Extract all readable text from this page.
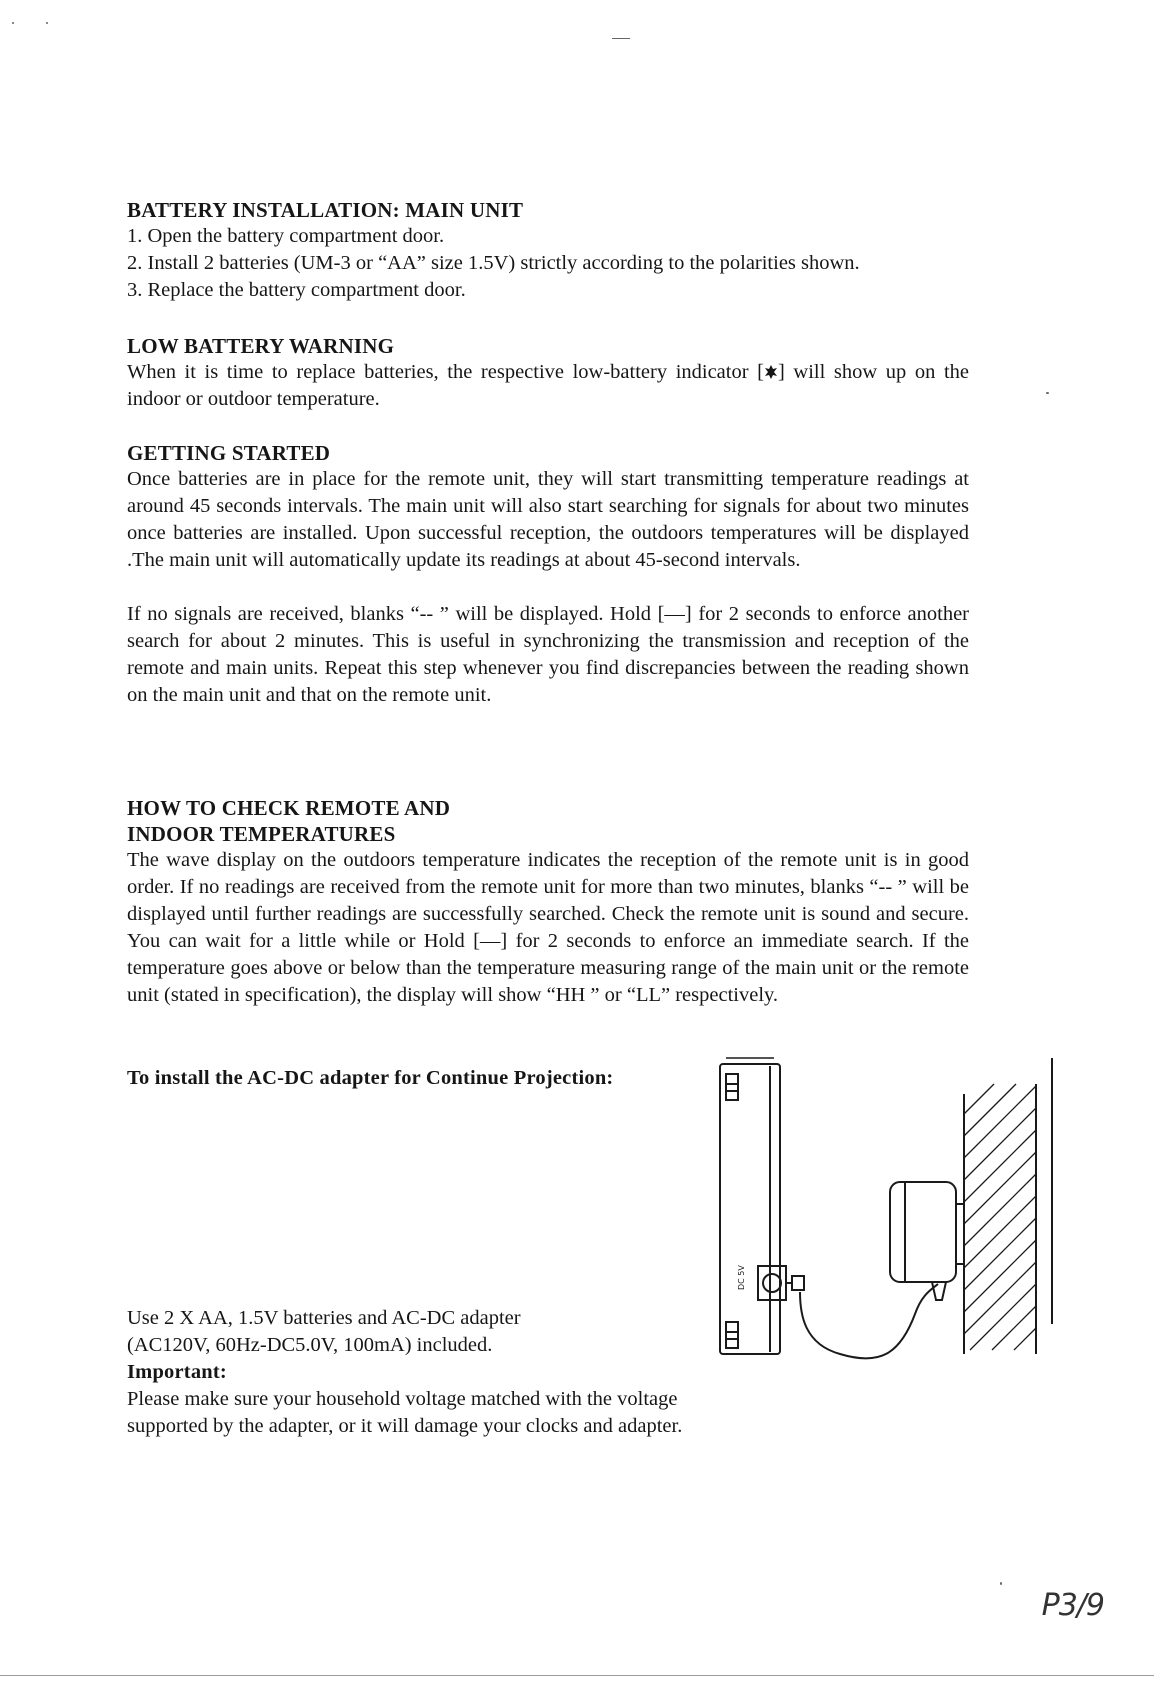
BATTERY INSTALLATION: MAIN UNIT

1. Open the battery compartment door.

2. Install 2 batteries (UM-3 or “AA” size 1.5V) strictly according to the polarities shown.

3. Replace the battery compartment door.

LOW BATTERY WARNING

When it is time to replace batteries, the respective low-battery indicator [ ] will show up on the indoor or outdoor temperature.

GETTING STARTED

Once batteries are in place for the remote unit, they will start transmitting temperature readings at around 45 seconds intervals. The main unit will also start searching for signals for about two minutes once batteries are installed. Upon successful reception, the outdoors temperatures will be displayed .The main unit will automatically update its readings at about 45-second intervals.

If no signals are received, blanks “-- ” will be displayed. Hold [—] for 2 seconds to enforce another search for about 2 minutes. This is useful in synchronizing the transmission and reception of the remote and main units. Repeat this step whenever you find discrepancies between the reading shown on the main unit and that on the remote unit.

HOW TO CHECK REMOTE AND

INDOOR TEMPERATURES

The wave display on the outdoors temperature indicates the reception of the remote unit is in good order. If no readings are received from the remote unit for more than two minutes, blanks “-- ” will be displayed until further readings are successfully searched. Check the remote unit is sound and secure. You can wait for a little while or Hold [—] for 2 seconds to enforce an immediate search. If the temperature goes above or below than the temperature measuring range of the main unit or the remote unit (stated in specification), the display will show “HH ” or “LL” respectively.

To install the AC-DC adapter for Continue Projection:

Use 2 X AA, 1.5V batteries and AC-DC adapter

(AC120V, 60Hz-DC5.0V, 100mA) included.

Important:

Please make sure your household voltage matched with the voltage

supported by the adapter, or it will damage your clocks and adapter.

DC 5V
P3/9
